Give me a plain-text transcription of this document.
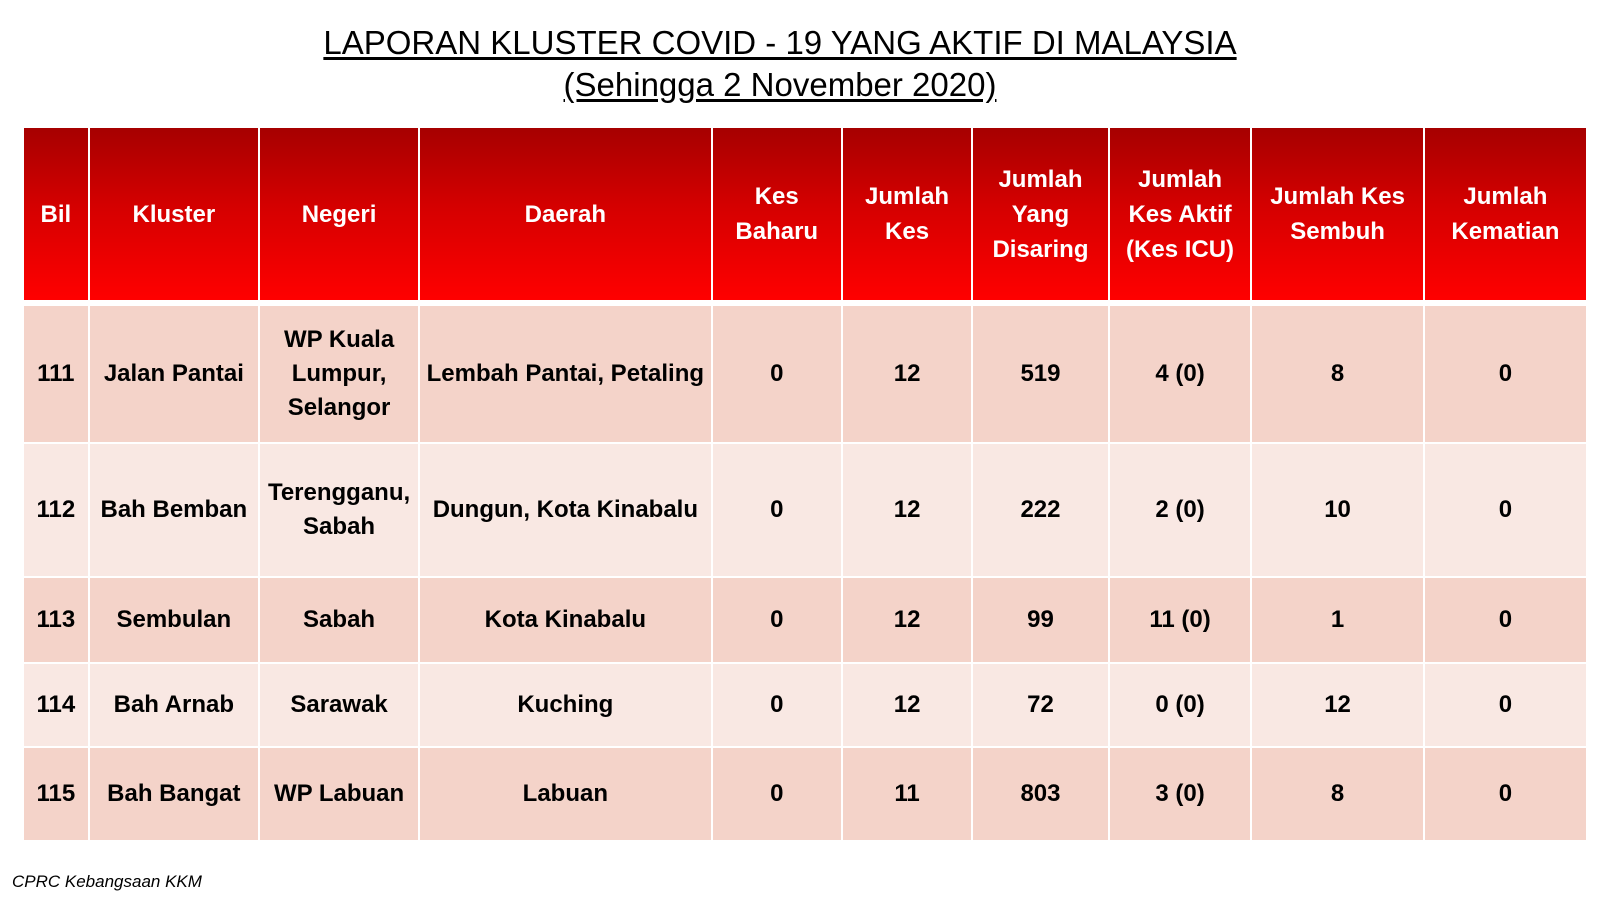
LAPORAN KLUSTER COVID - 19 YANG AKTIF DI MALAYSIA
(Sehingga 2 November 2020)
Bil	Kluster	Negeri	Daerah	Kes Baharu	Jumlah Kes	Jumlah Yang Disaring	Jumlah Kes Aktif (Kes ICU)	Jumlah Kes Sembuh	Jumlah Kematian
111	Jalan Pantai	WP Kuala Lumpur, Selangor	Lembah Pantai, Petaling	0	12	519	4 (0)	8	0
112	Bah Bemban	Terengganu, Sabah	Dungun, Kota Kinabalu	0	12	222	2 (0)	10	0
113	Sembulan	Sabah	Kota Kinabalu	0	12	99	11 (0)	1	0
114	Bah Arnab	Sarawak	Kuching	0	12	72	0 (0)	12	0
115	Bah Bangat	WP Labuan	Labuan	0	11	803	3 (0)	8	0
CPRC Kebangsaan KKM
